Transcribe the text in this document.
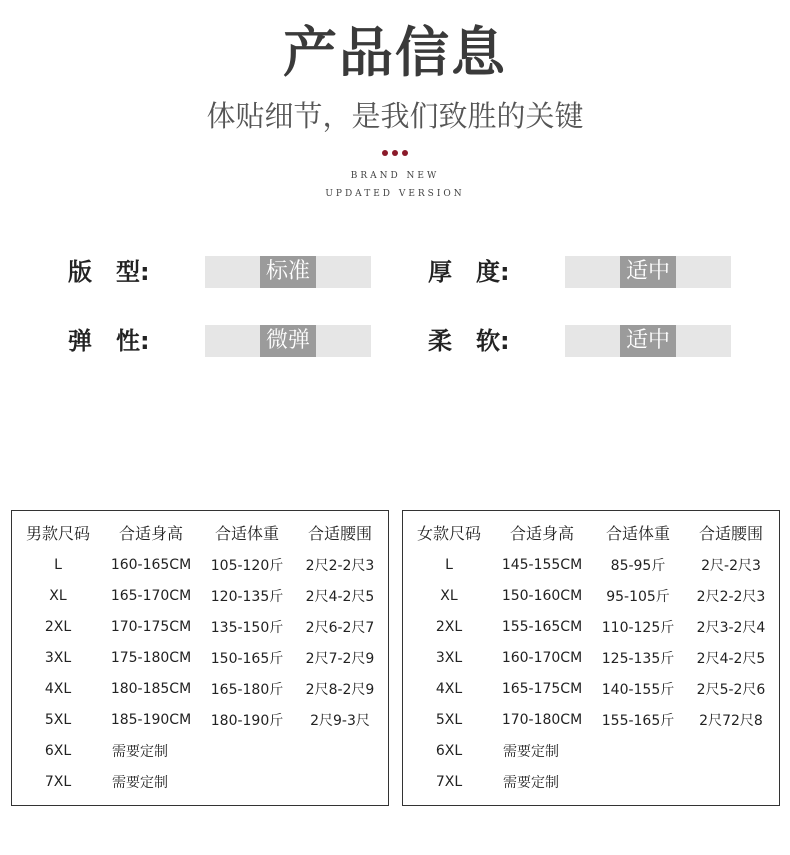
产品信息
体贴细节，是我们致胜的关键
BRAND NEW
UPDATED VERSION
版　型:	标准	厚　度:	适中
弹　性:	微弹	柔　软:	适中
男款尺码	合适身高	合适体重	合适腰围
L	160-165CM	105-120斤	2尺2-2尺3
XL	165-170CM	120-135斤	2尺4-2尺5
2XL	170-175CM	135-150斤	2尺6-2尺7
3XL	175-180CM	150-165斤	2尺7-2尺9
4XL	180-185CM	165-180斤	2尺8-2尺9
5XL	185-190CM	180-190斤	2尺9-3尺
6XL	需要定制		
7XL	需要定制		
女款尺码	合适身高	合适体重	合适腰围
L	145-155CM	85-95斤	2尺-2尺3
XL	150-160CM	95-105斤	2尺2-2尺3
2XL	155-165CM	110-125斤	2尺3-2尺4
3XL	160-170CM	125-135斤	2尺4-2尺5
4XL	165-175CM	140-155斤	2尺5-2尺6
5XL	170-180CM	155-165斤	2尺72尺8
6XL	需要定制		
7XL	需要定制		
